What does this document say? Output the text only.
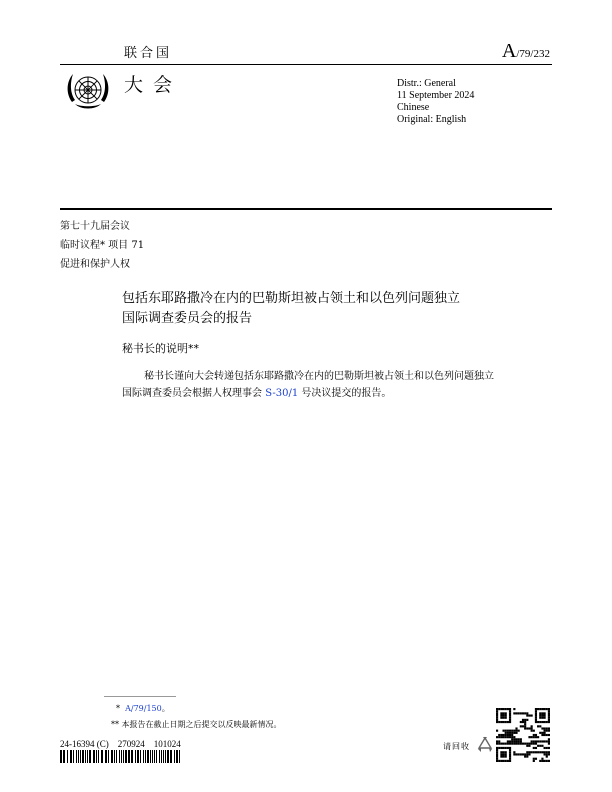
联合国	A/79/232
大会	Distr.: General
11 September 2024
Chinese
Original: English
第七十九届会议
临时议程* 项目 71
促进和保护人权
包括东耶路撒冷在内的巴勒斯坦被占领土和以色列问题独立
国际调查委员会的报告
秘书长的说明**
秘书长谨向大会转递包括东耶路撒冷在内的巴勒斯坦被占领土和以色列问题独立国际调查委员会根据人权理事会 S-30/1 号决议提交的报告。
* A/79/150。
** 本报告在截止日期之后提交以反映最新情况。
24-16394 (C)    270924    101024	请回收
